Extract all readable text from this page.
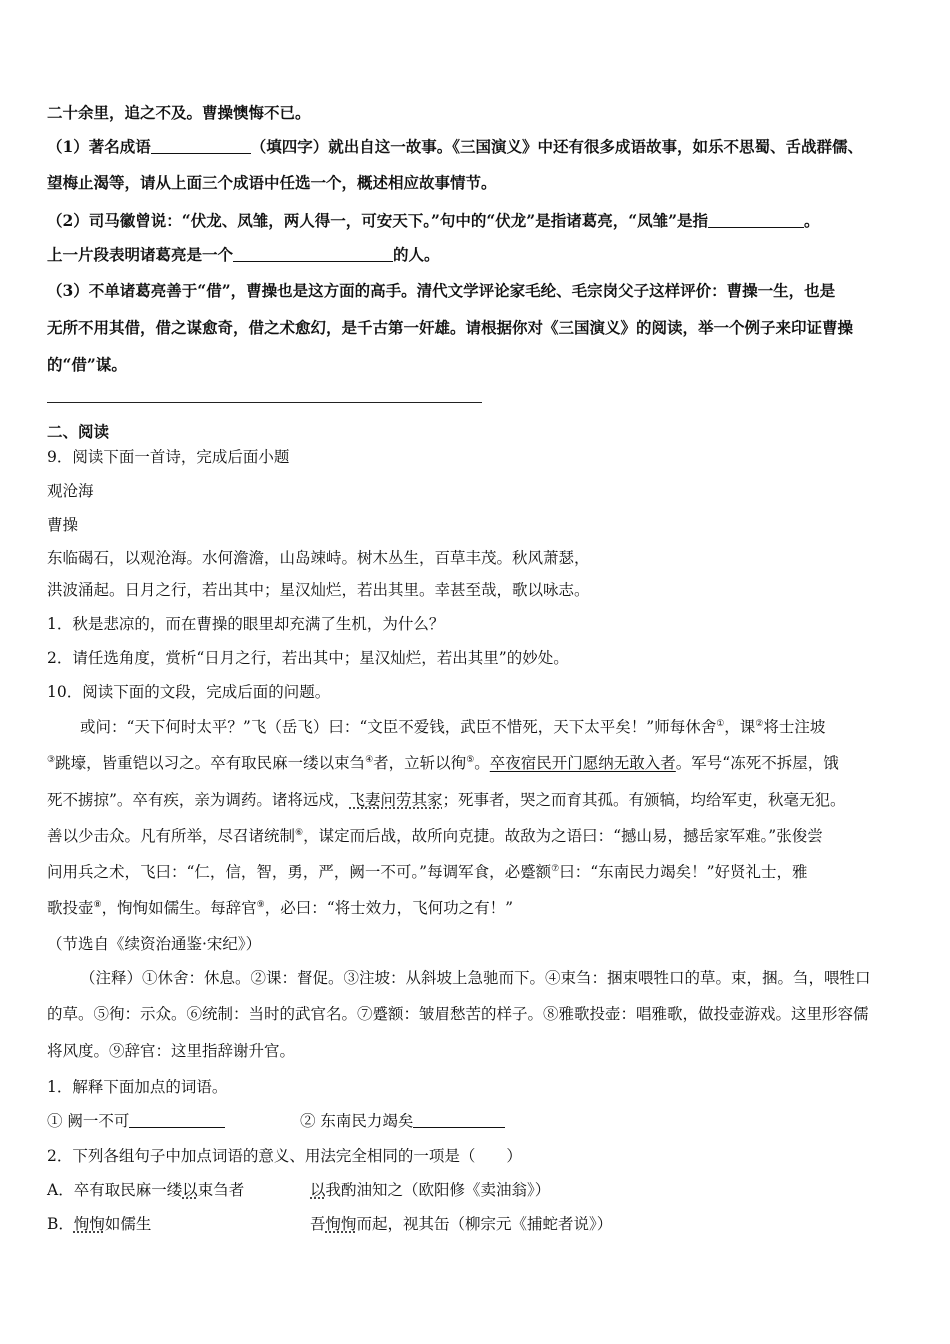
二十余里，追之不及。曹操懊悔不已。
（1）著名成语	（填四字）就出自这一故事。《三国演义》中还有很多成语故事，如乐不思蜀、舌战群儒、
望梅止渴等，请从上面三个成语中任选一个，概述相应故事情节。
（2）司马徽曾说：“伏龙、凤雏，两人得一，可安天下。”句中的“伏龙”是指诸葛亮，“凤雏”是指	。
上一片段表明诸葛亮是一个	的人。
（3）不单诸葛亮善于“借”，曹操也是这方面的高手。清代文学评论家毛纶、毛宗岗父子这样评价：曹操一生，也是
无所不用其借，借之谋愈奇，借之术愈幻，是千古第一奸雄。请根据你对《三国演义》的阅读，举一个例子来印证曹操
的“借”谋。
二、阅读
9．阅读下面一首诗，完成后面小题
观沧海
曹操
东临碣石，以观沧海。水何澹澹，山岛竦峙。树木丛生，百草丰茂。秋风萧瑟，
洪波涌起。日月之行，若出其中；星汉灿烂，若出其里。幸甚至哉，歌以咏志。
1．秋是悲凉的，而在曹操的眼里却充满了生机，为什么？
2．请任选角度，赏析“日月之行，若出其中；星汉灿烂，若出其里”的妙处。
10．阅读下面的文段，完成后面的问题。
或问：“天下何时太平？”飞（岳飞）曰：“文臣不爱钱，武臣不惜死，天下太平矣！”师每休舍①，课②将士注坡
③跳壕，皆重铠以习之。卒有取民麻一缕以束刍④者，立斩以徇⑤。卒夜宿民开门愿纳无敢入者。军号“冻死不拆屋，饿
死不掳掠”。卒有疾，亲为调药。诸将远戍，飞妻问劳其家；死事者，哭之而育其孤。有颁犒，均给军吏，秋毫无犯。
善以少击众。凡有所举，尽召诸统制⑥，谋定而后战，故所向克捷。故敌为之语曰：“撼山易，撼岳家军难。”张俊尝
问用兵之术，飞曰：“仁，信，智，勇，严，阙一不可。”每调军食，必蹙额⑦曰：“东南民力竭矣！”好贤礼士，雅
歌投壶⑧，恂恂如儒生。每辞官⑨，必曰：“将士效力，飞何功之有！”
（节选自《续资治通鉴·宋纪》）
（注释）①休舍：休息。②课：督促。③注坡：从斜坡上急驰而下。④束刍：捆束喂牲口的草。束，捆。刍，喂牲口
的草。⑤徇：示众。⑥统制：当时的武官名。⑦蹙额：皱眉愁苦的样子。⑧雅歌投壶：唱雅歌，做投壶游戏。这里形容儒
将风度。⑨辞官：这里指辞谢升官。
1．解释下面加点的词语。
① 阙一不可	② 东南民力竭矣
2．下列各组句子中加点词语的意义、用法完全相同的一项是（　　）
A．卒有取民麻一缕以束刍者	以我酌油知之（欧阳修《卖油翁》）
B．恂恂如儒生	吾恂恂而起，视其缶（柳宗元《捕蛇者说》）
